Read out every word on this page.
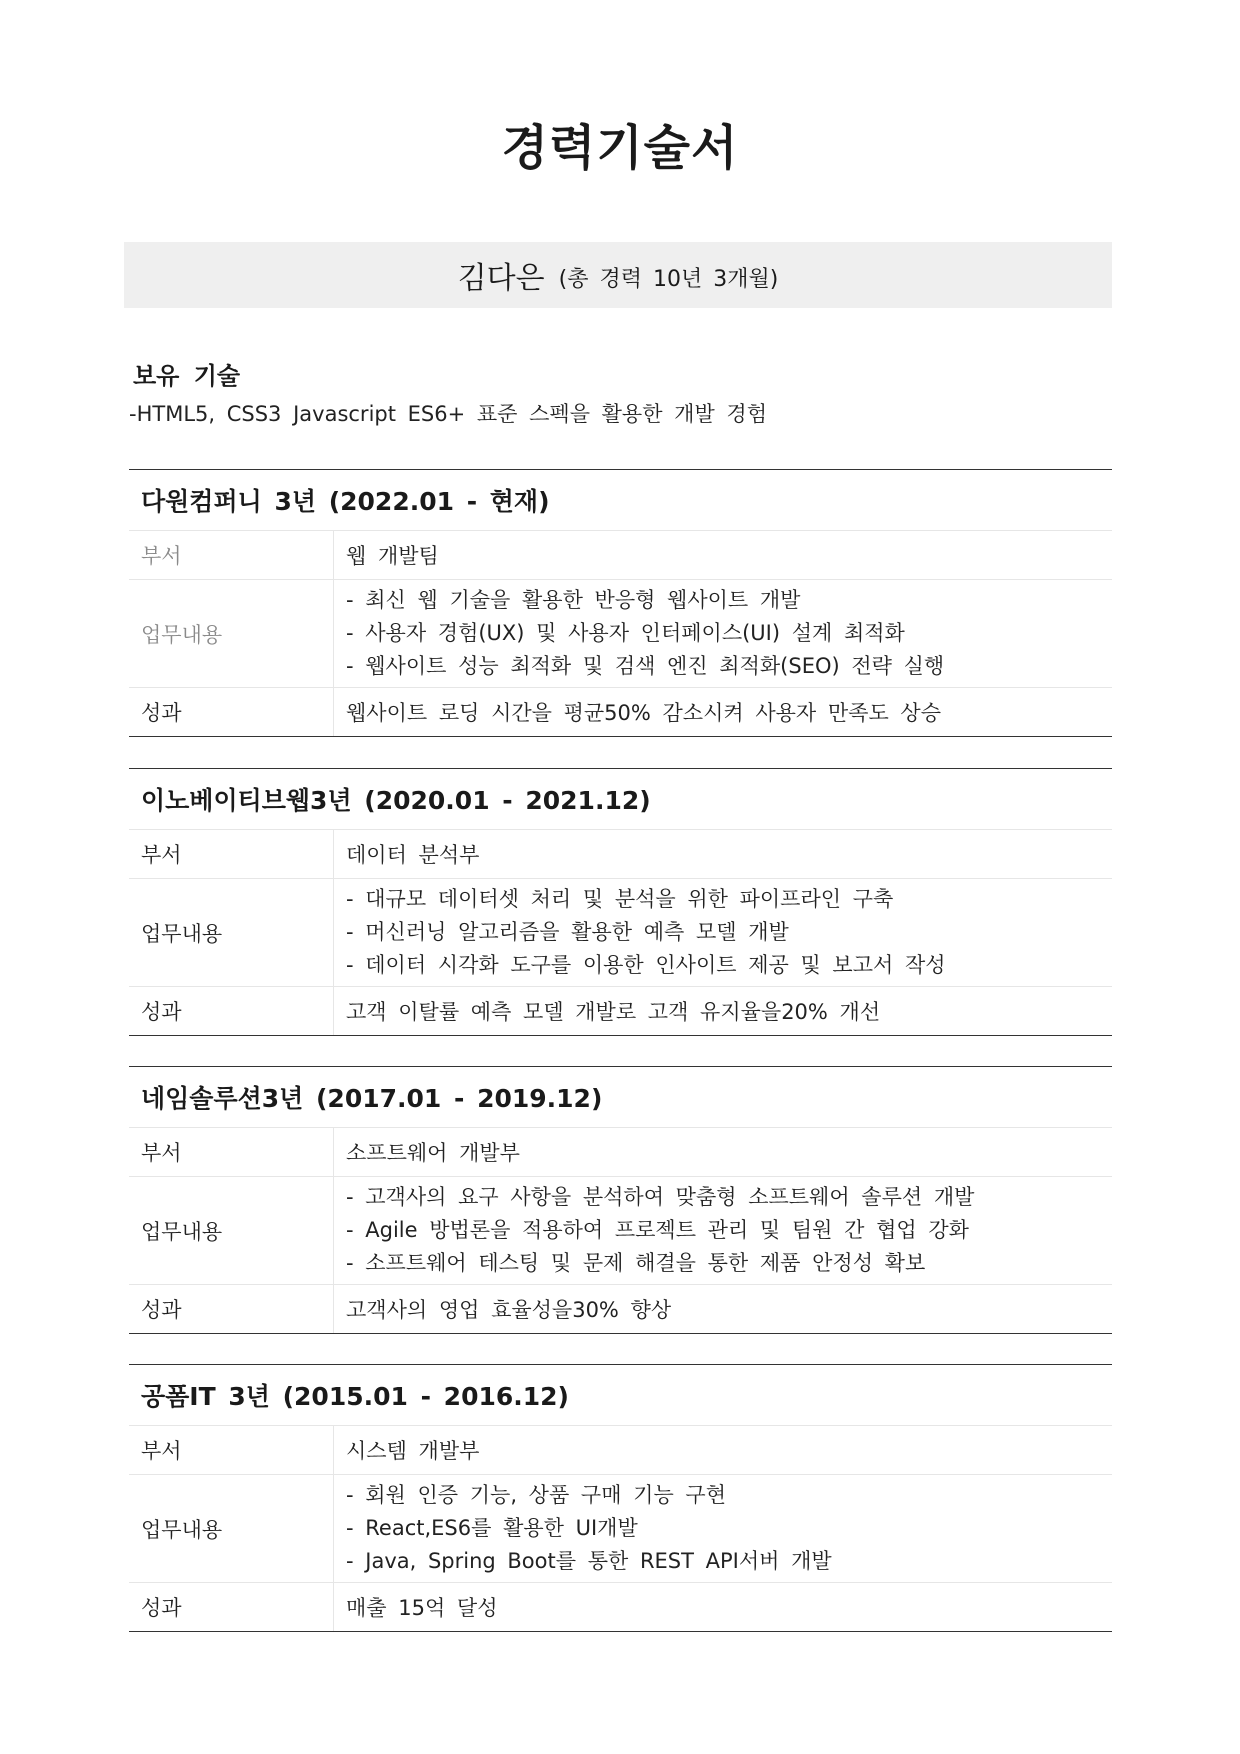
경력기술서
김다은 (총 경력 10년 3개월)
보유 기술
-HTML5, CSS3 Javascript ES6+ 표준 스펙을 활용한 개발 경험
다원컴퍼니 3년 (2022.01 - 현재)
부서	웹 개발팀
업무내용
- 최신 웹 기술을 활용한 반응형 웹사이트 개발
- 사용자 경험(UX) 및 사용자 인터페이스(UI) 설계 최적화
- 웹사이트 성능 최적화 및 검색 엔진 최적화(SEO) 전략 실행
성과	웹사이트 로딩 시간을 평균50% 감소시켜 사용자 만족도 상승
이노베이티브웹3년 (2020.01 - 2021.12)
부서	데이터 분석부
업무내용
- 대규모 데이터셋 처리 및 분석을 위한 파이프라인 구축
- 머신러닝 알고리즘을 활용한 예측 모델 개발
- 데이터 시각화 도구를 이용한 인사이트 제공 및 보고서 작성
성과	고객 이탈률 예측 모델 개발로 고객 유지율을20% 개선
네임솔루션3년 (2017.01 - 2019.12)
부서	소프트웨어 개발부
업무내용
- 고객사의 요구 사항을 분석하여 맞춤형 소프트웨어 솔루션 개발
- Agile 방법론을 적용하여 프로젝트 관리 및 팀원 간 협업 강화
- 소프트웨어 테스팅 및 문제 해결을 통한 제품 안정성 확보
성과	고객사의 영업 효율성을30% 향상
공폼IT 3년 (2015.01 - 2016.12)
부서	시스템 개발부
업무내용
- 회원 인증 기능, 상품 구매 기능 구현
- React,ES6를 활용한 UI개발
- Java, Spring Boot를 통한 REST API서버 개발
성과	매출 15억 달성
